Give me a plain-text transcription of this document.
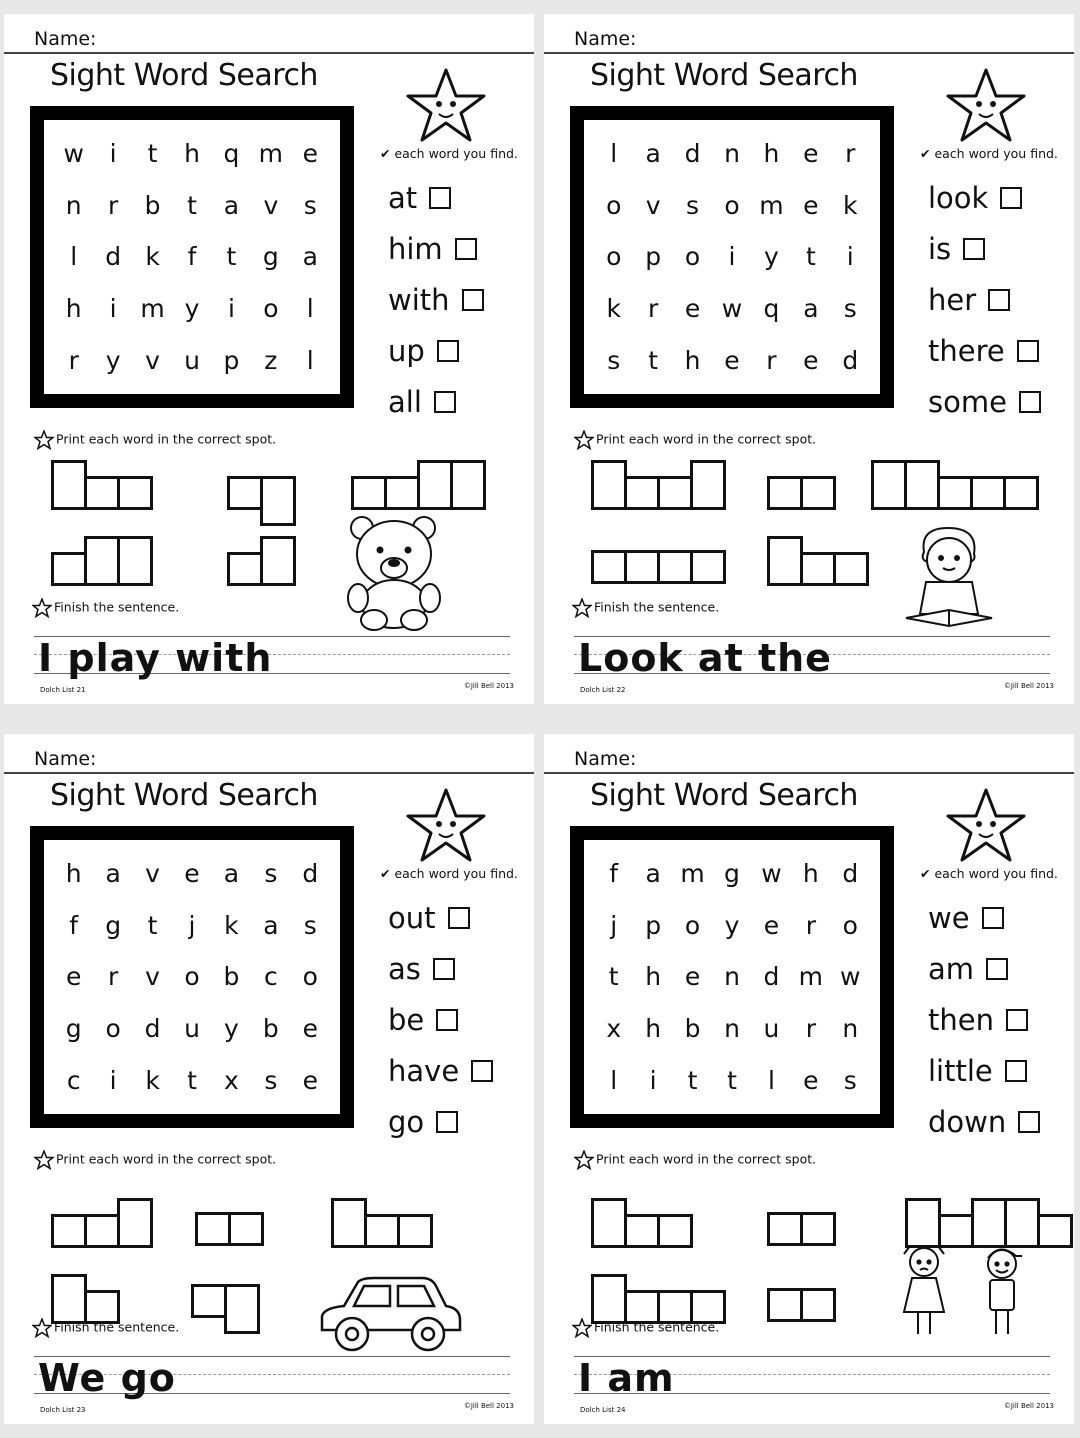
Name:
Sight Word Search
w	i	t	h q m e
n	r	b	t	a v	s
l	d k	f	t	g a
h	i m y	i	o	l
r	y v u p z	l
✔ each word you find.
at
him
with
up
all
Print each word in the correct spot.
Finish the sentence.
I play with
Dolch List 21	©Jill Bell 2013
Name:
Sight Word Search
l	a d n h e	r
o v	s	o m e k
o p o	i	y	t	i
k	r	e w q a	s
s	t	h e	r	e d
✔ each word you find.
look
is
her
there
some
Print each word in the correct spot.
Finish the sentence.
Look at the
Dolch List 22	©Jill Bell 2013
Name:
Sight Word Search
h a v e a	s d
f	g	t	j	k a	s
e	r	v o b c o
g o d u y b e
c	i	k	t	x	s	e
✔ each word you find.
out
as
be
have
go
Print each word in the correct spot.
Finish the sentence.
We go
Dolch List 23	©Jill Bell 2013
Name:
Sight Word Search
f	a m g w h d
j	p o y e	r	o
t	h e n d m w
x h b n u	r	n
l	i	t	t	l	e	s
✔ each word you find.
we
am
then
little
down
Print each word in the correct spot.
Finish the sentence.
I am
Dolch List 24	©Jill Bell 2013
